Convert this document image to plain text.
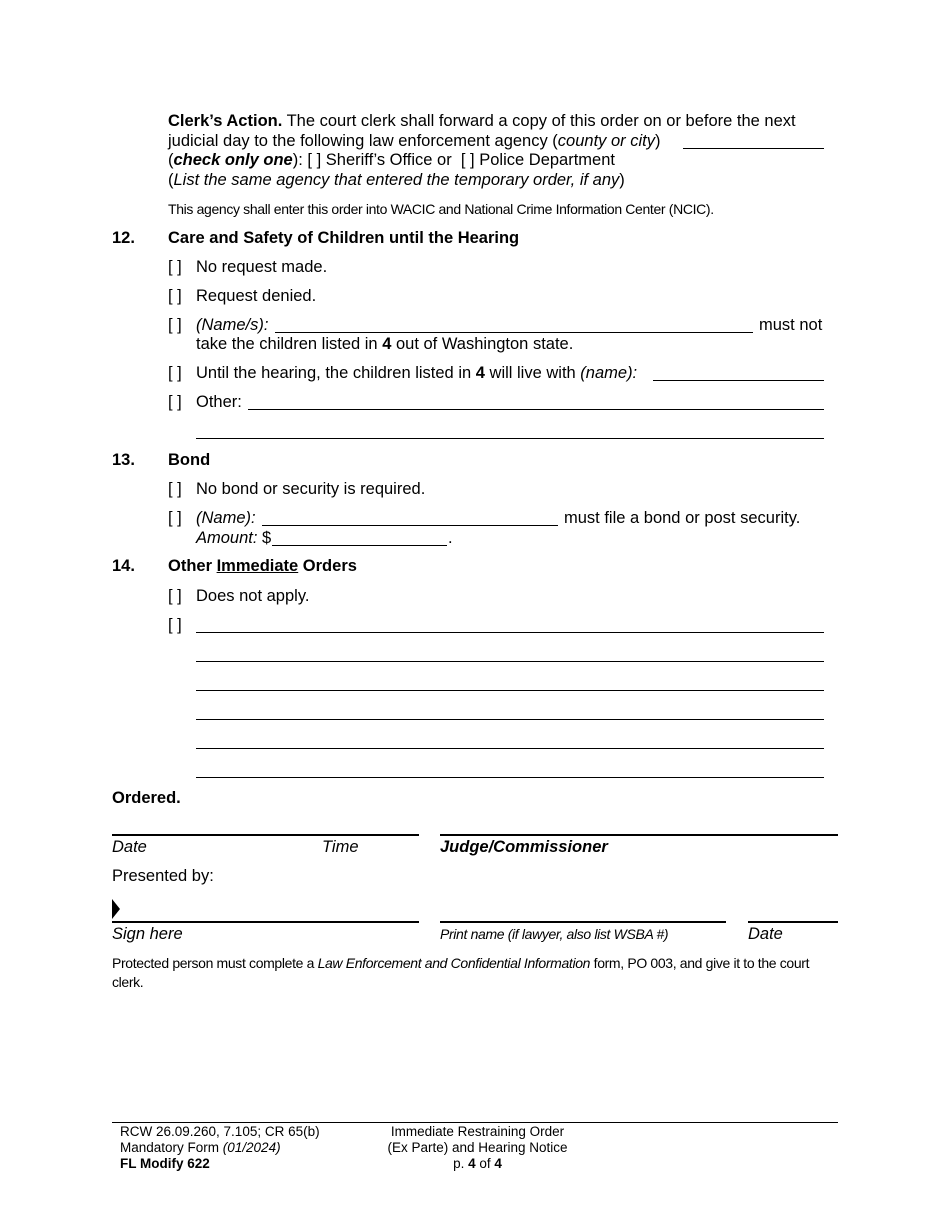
Clerk’s Action. The court clerk shall forward a copy of this order on or before the next
judicial day to the following law enforcement agency (county or city)
(check only one): [ ] Sheriff’s Office or [ ] Police Department
(List the same agency that entered the temporary order, if any)
This agency shall enter this order into WACIC and National Crime Information Center (NCIC).
12. Care and Safety of Children until the Hearing
[ ] No request made.
[ ] Request denied.
[ ] (Name/s):	must not
take the children listed in 4 out of Washington state.
[ ] Until the hearing, the children listed in 4 will live with (name):
[ ] Other:
13. Bond
[ ] No bond or security is required.
[ ] (Name):	must file a bond or post security.
Amount: $	.
14. Other Immediate Orders
[ ] Does not apply.
[ ]
Ordered.
Date	Time	Judge/Commissioner
Presented by:
Sign here	Print name (if lawyer, also list WSBA #)	Date
Protected person must complete a Law Enforcement and Confidential Information form, PO 003, and give it to the court
clerk.
RCW 26.09.260, 7.105; CR 65(b)
Mandatory Form (01/2024)
FL Modify 622
Immediate Restraining Order
(Ex Parte) and Hearing Notice
p. 4 of 4
